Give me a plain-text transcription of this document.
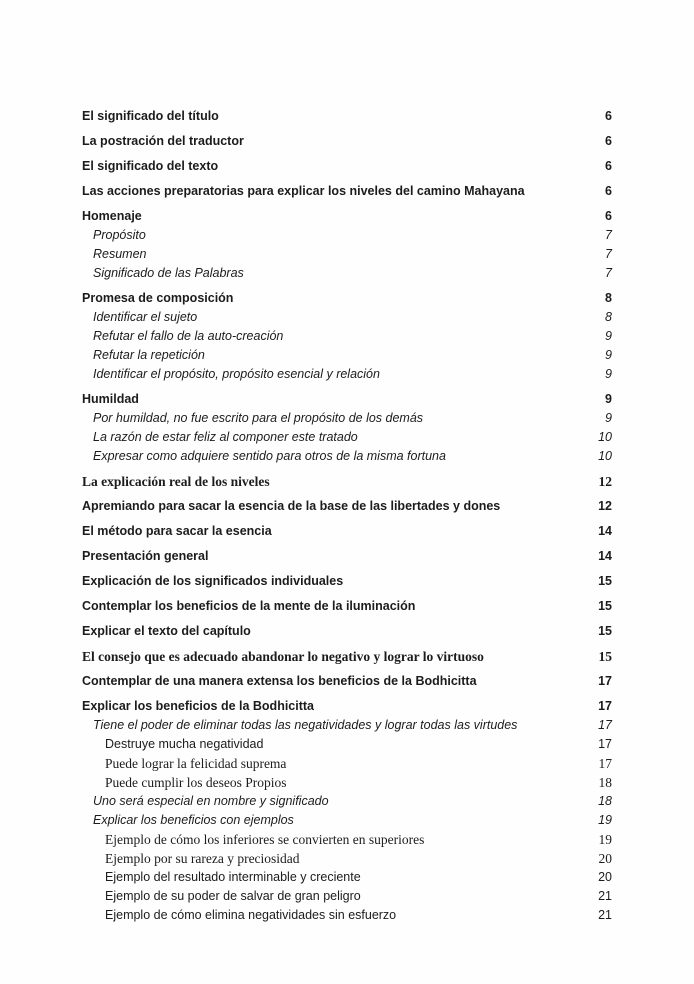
El significado del título	6
La postración del traductor	6
El significado del texto	6
Las acciones preparatorias para explicar los niveles del camino Mahayana	6
Homenaje	6
Propósito	7
Resumen	7
Significado de las Palabras	7
Promesa de composición	8
Identificar el sujeto	8
Refutar el fallo de la auto-creación	9
Refutar la repetición	9
Identificar el propósito, propósito esencial y relación	9
Humildad	9
Por humildad, no fue escrito para el propósito de los demás	9
La razón de estar feliz al componer este tratado	10
Expresar como adquiere sentido para otros de la misma fortuna	10
La explicación real de los niveles	12
Apremiando para sacar la esencia de la base de las libertades y dones	12
El método para sacar la esencia	14
Presentación general	14
Explicación de los significados individuales	15
Contemplar los beneficios de la mente de la iluminación	15
Explicar el texto del capítulo	15
El consejo que es adecuado abandonar lo negativo y lograr lo virtuoso	15
Contemplar de una manera extensa los beneficios de la Bodhicitta	17
Explicar los beneficios de la Bodhicitta	17
Tiene el poder de eliminar todas las negatividades y lograr todas las virtudes	17
Destruye mucha negatividad	17
Puede lograr la felicidad suprema	17
Puede cumplir los deseos Propios	18
Uno será especial en nombre y significado	18
Explicar los beneficios con ejemplos	19
Ejemplo de cómo los inferiores se convierten en superiores	19
Ejemplo por su rareza y preciosidad	20
Ejemplo del resultado interminable y creciente	20
Ejemplo de su poder de salvar de gran peligro	21
Ejemplo de cómo elimina negatividades sin esfuerzo	21
